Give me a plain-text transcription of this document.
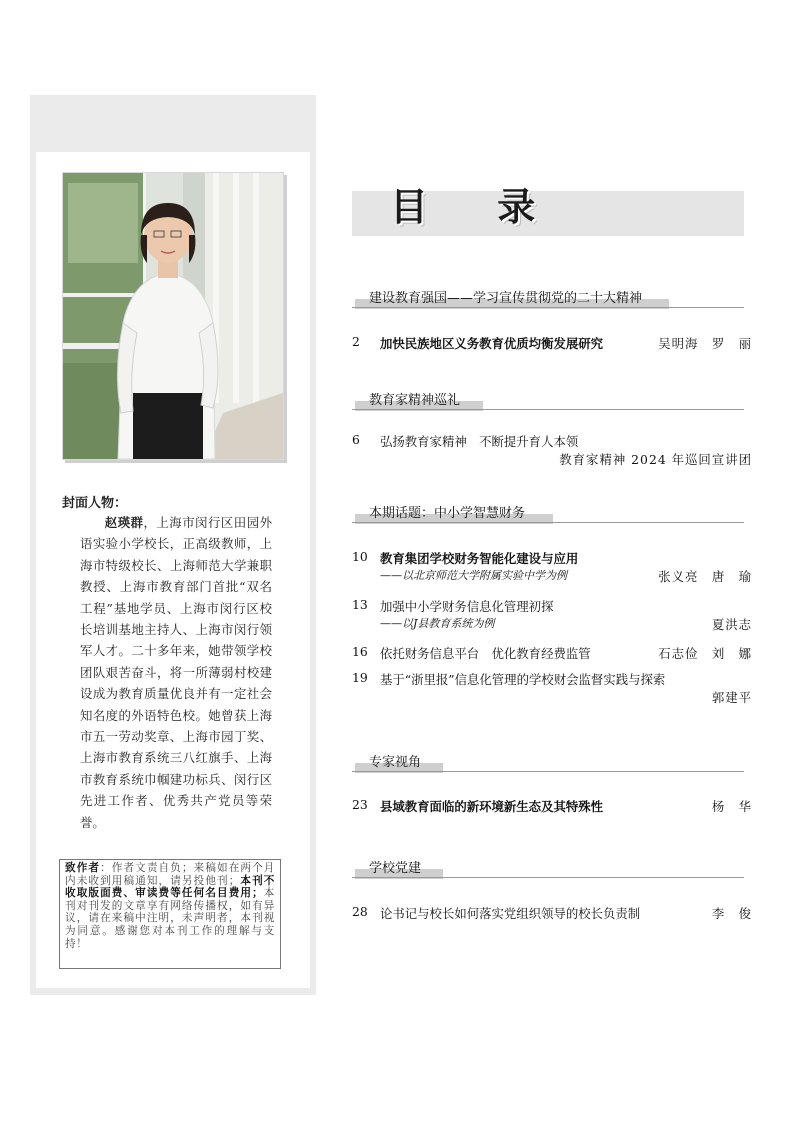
封面人物：
赵瑛群，上海市闵行区田园外语实验小学校长，正高级教师，上海市特级校长、上海师范大学兼职教授、上海市教育部门首批“双名工程”基地学员、上海市闵行区校长培训基地主持人、上海市闵行领军人才。二十多年来，她带领学校团队艰苦奋斗，将一所薄弱村校建设成为教育质量优良并有一定社会知名度的外语特色校。她曾获上海市五一劳动奖章、上海市园丁奖、上海市教育系统三八红旗手、上海市教育系统巾帼建功标兵、闵行区先进工作者、优秀共产党员等荣誉。
致作者：作者文责自负；来稿如在两个月内未收到用稿通知，请另投他刊；本刊不收取版面费、审读费等任何名目费用；本刊对刊发的文章享有网络传播权，如有异议，请在来稿中注明，未声明者，本刊视为同意。感谢您对本刊工作的理解与支持！
目 录
建设教育强国——学习宣传贯彻党的二十大精神
2 加快民族地区义务教育优质均衡发展研究	吴明海　罗　丽
教育家精神巡礼
6 弘扬教育家精神　不断提升育人本领
教育家精神 2024 年巡回宣讲团
本期话题：中小学智慧财务
10 教育集团学校财务智能化建设与应用
——以北京师范大学附属实验中学为例	张义亮　唐　瑜
13 加强中小学财务信息化管理初探
——以J县教育系统为例	夏洪志
16 依托财务信息平台　优化教育经费监管	石志俭　刘　娜
19 基于“浙里报”信息化管理的学校财会监督实践与探索
郭建平
专家视角
23 县域教育面临的新环境新生态及其特殊性	杨　华
学校党建
28 论书记与校长如何落实党组织领导的校长负责制	李　俊
